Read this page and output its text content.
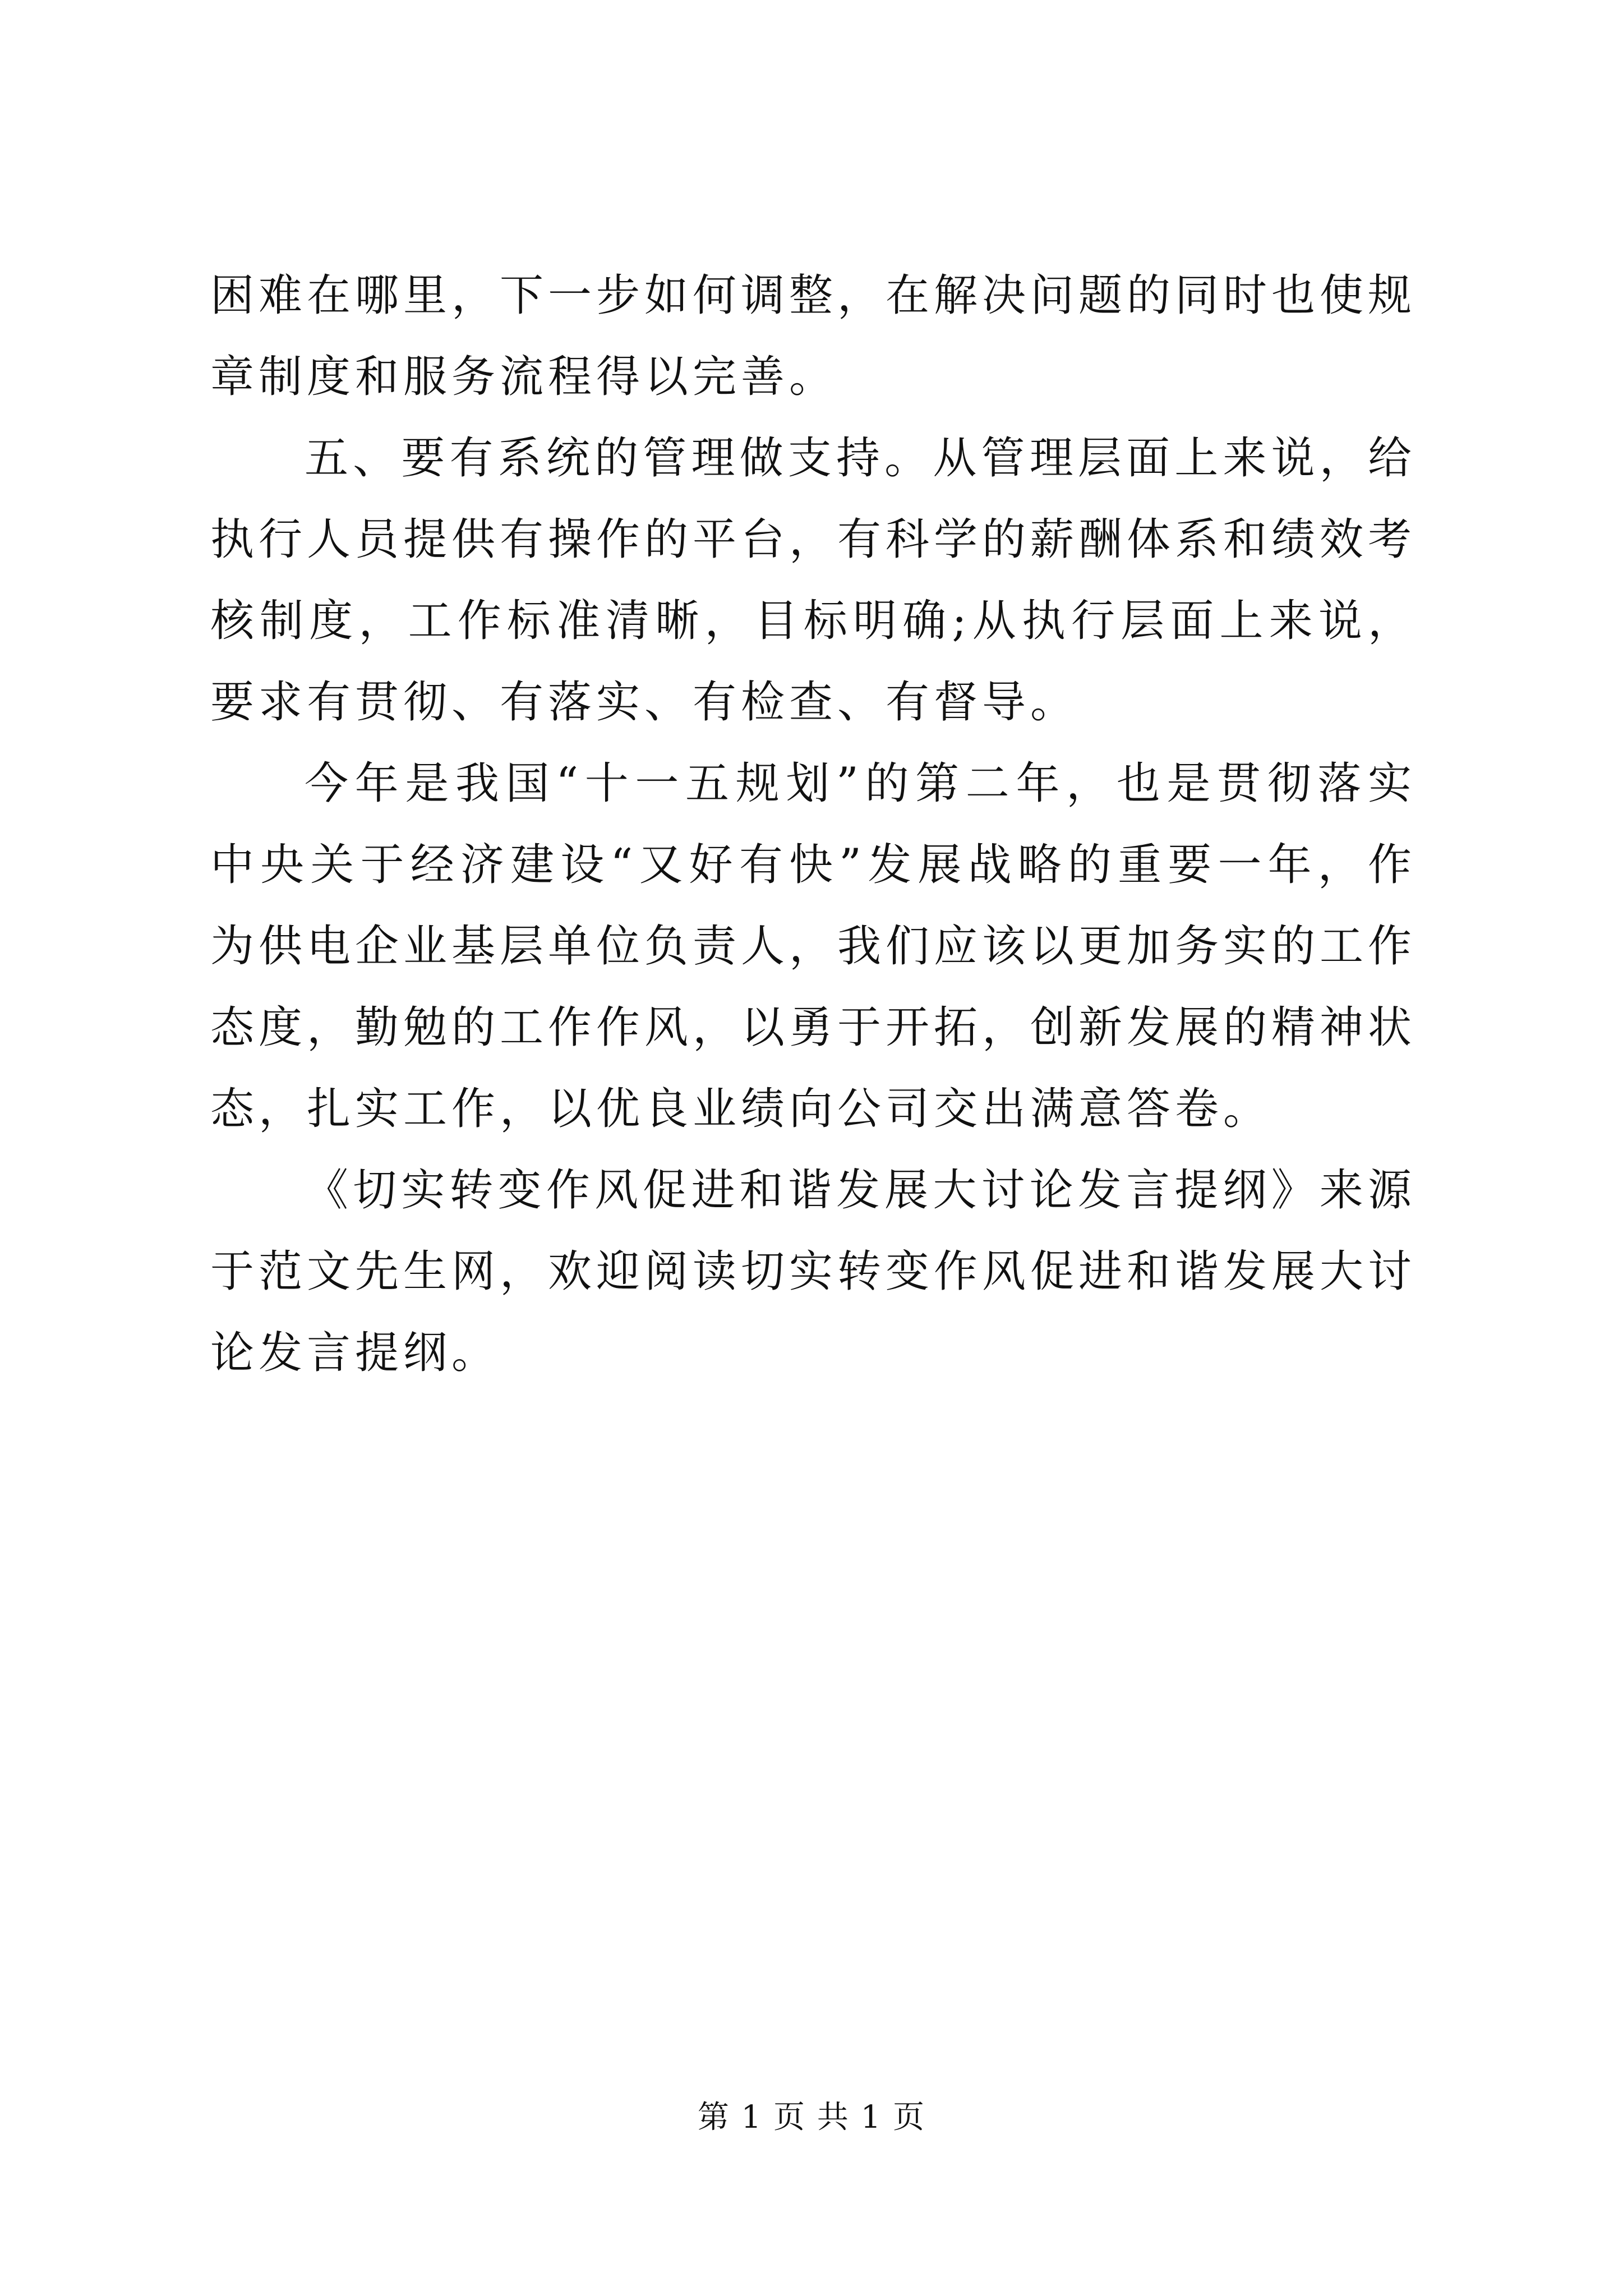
困难在哪里，下一步如何调整，在解决问题的同时也使规章制度和服务流程得以完善。

五、要有系统的管理做支持。从管理层面上来说，给执行人员提供有操作的平台，有科学的薪酬体系和绩效考核制度，工作标准清晰，目标明确;从执行层面上来说，要求有贯彻、有落实、有检查、有督导。

今年是我国“十一五规划”的第二年，也是贯彻落实中央关于经济建设“又好有快”发展战略的重要一年，作为供电企业基层单位负责人，我们应该以更加务实的工作态度，勤勉的工作作风，以勇于开拓，创新发展的精神状态，扎实工作，以优良业绩向公司交出满意答卷。

《切实转变作风促进和谐发展大讨论发言提纲》来源于范文先生网，欢迎阅读切实转变作风促进和谐发展大讨论发言提纲。

第 1 页 共 1 页
